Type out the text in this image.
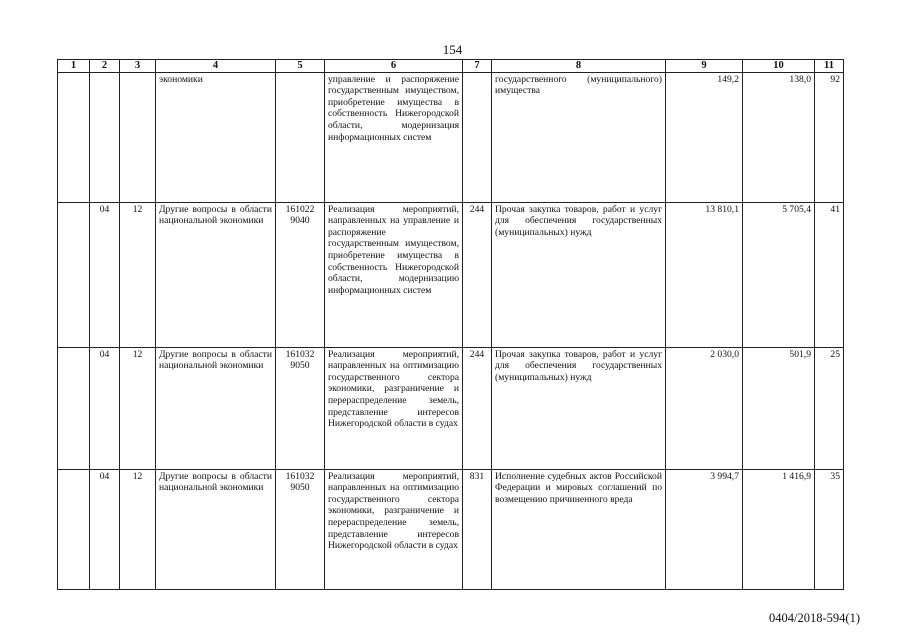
154
1	2	3	4	5	6	7	8	9	10	11
			экономики		управление и распоряжение государственным имуществом, приобретение имущества в собственность Нижегородской области, модернизация информационных систем		государственного (муниципального) имущества	149,2	138,0	92
	04	12	Другие вопросы в области национальной экономики	161022 9040	Реализация мероприятий, направленных на управление и распоряжение государственным имуществом, приобретение имущества в собственность Нижегородской области, модернизацию информационных систем	244	Прочая закупка товаров, работ и услуг для обеспечения государственных (муниципальных) нужд	13 810,1	5 705,4	41
	04	12	Другие вопросы в области национальной экономики	161032 9050	Реализация мероприятий, направленных на оптимизацию государственного сектора экономики, разграничение и перераспределение земель, представление интересов Нижегородской области в судах	244	Прочая закупка товаров, работ и услуг для обеспечения государственных (муниципальных) нужд	2 030,0	501,9	25
	04	12	Другие вопросы в области национальной экономики	161032 9050	Реализация мероприятий, направленных на оптимизацию государственного сектора экономики, разграничение и перераспределение земель, представление интересов Нижегородской области в судах	831	Исполнение судебных актов Российской Федерации и мировых соглашений по возмещению причиненного вреда	3 994,7	1 416,9	35
0404/2018-594(1)
